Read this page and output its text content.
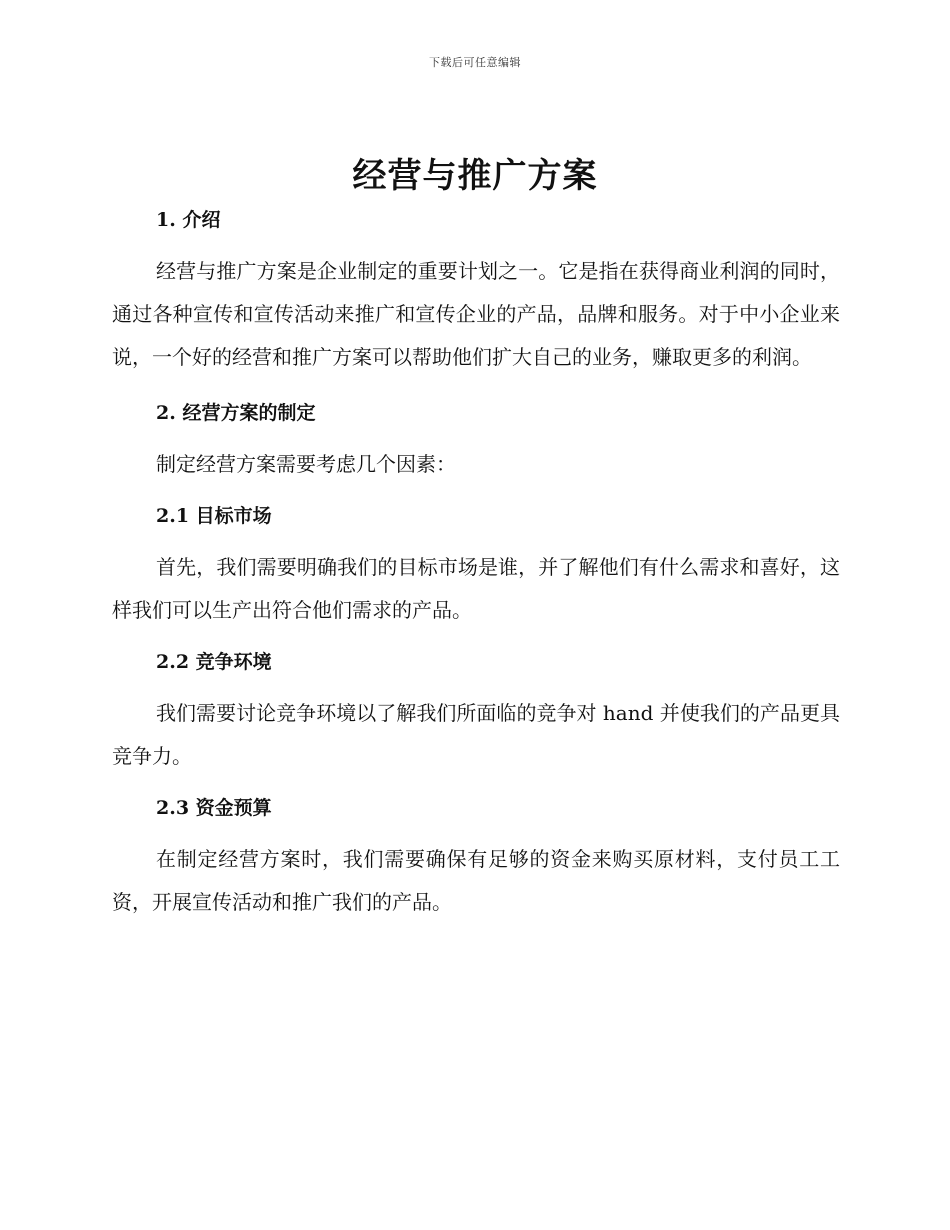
下载后可任意编辑
经营与推广方案
1. 介绍

经营与推广方案是企业制定的重要计划之一。它是指在获得商业利润的同时，通过各种宣传和宣传活动来推广和宣传企业的产品，品牌和服务。对于中小企业来说，一个好的经营和推广方案可以帮助他们扩大自己的业务，赚取更多的利润。

2. 经营方案的制定

制定经营方案需要考虑几个因素：

2.1 目标市场

首先，我们需要明确我们的目标市场是谁，并了解他们有什么需求和喜好，这样我们可以生产出符合他们需求的产品。

2.2 竞争环境

我们需要讨论竞争环境以了解我们所面临的竞争对 hand 并使我们的产品更具竞争力。

2.3 资金预算

在制定经营方案时，我们需要确保有足够的资金来购买原材料，支付员工工资，开展宣传活动和推广我们的产品。
